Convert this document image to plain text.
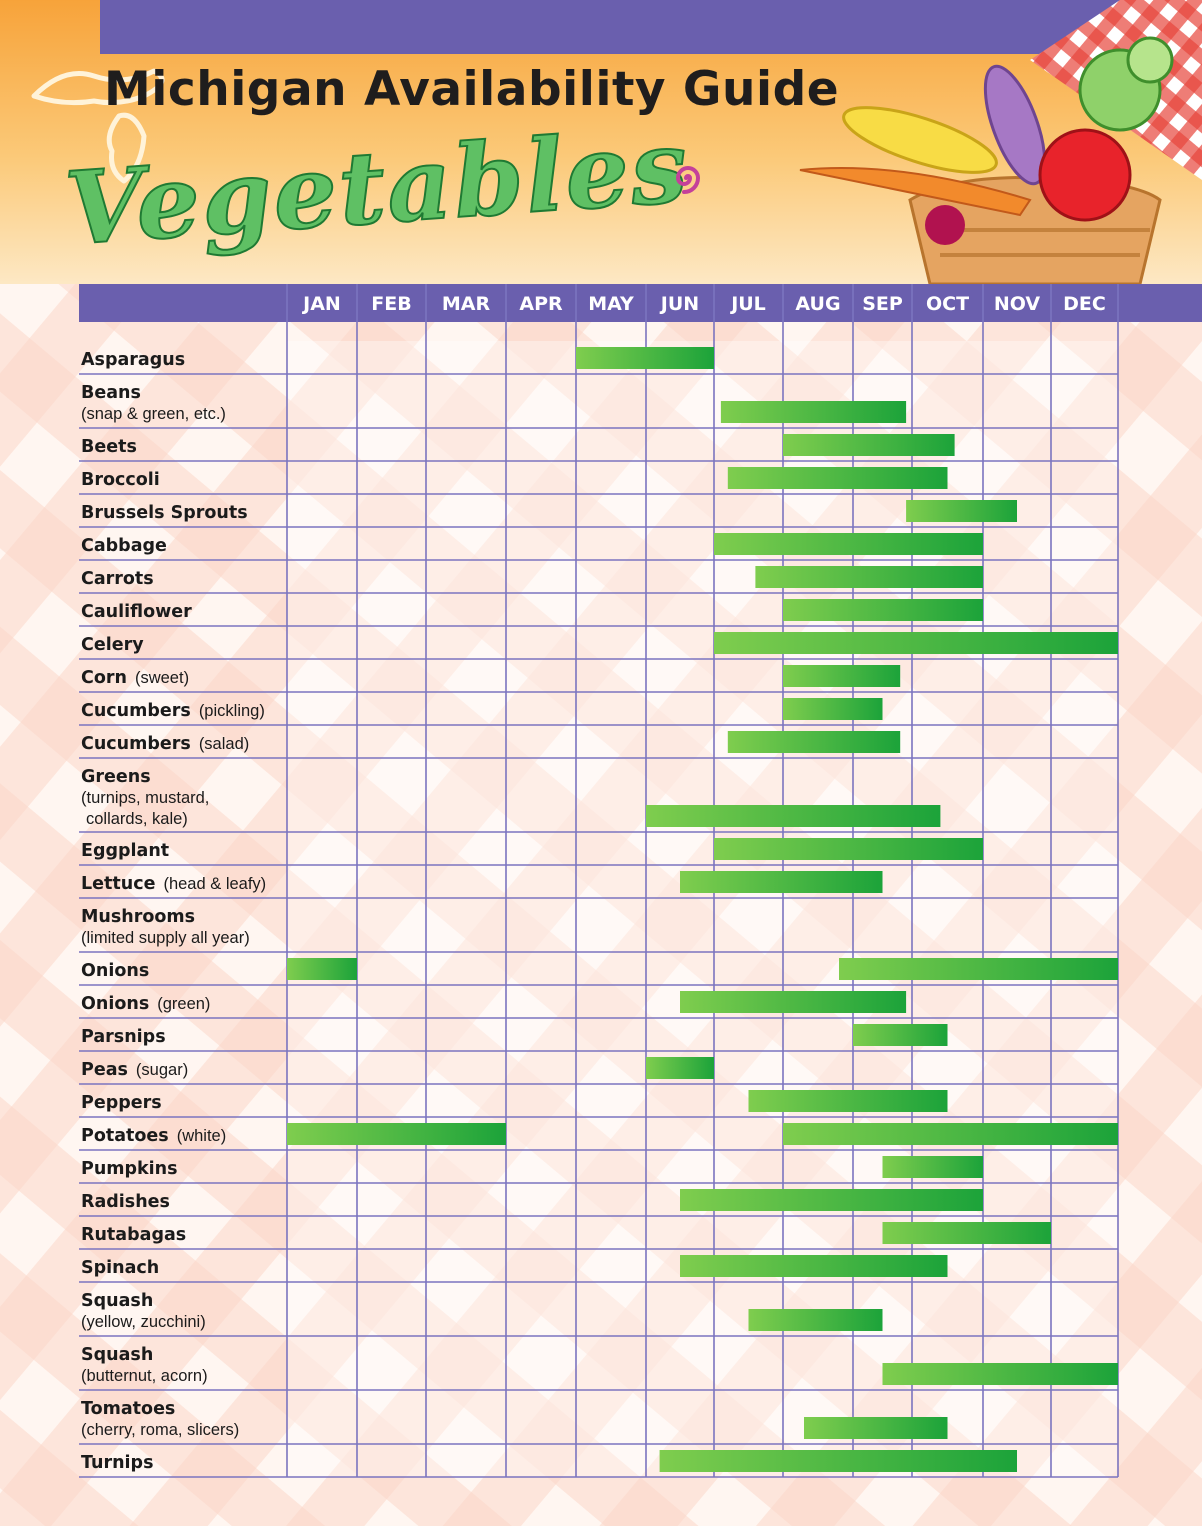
Michigan Availability Guide
Vegetables
JAN FEB MAR APR MAY JUN JUL AUG SEP OCT NOV DEC
Asparagus
Beans (snap & green, etc.)
Beets
Broccoli
Brussels Sprouts
Cabbage
Carrots
Cauliflower
Celery
Corn (sweet)
Cucumbers (pickling)
Cucumbers (salad)
Greens (turnips, mustard, collards, kale)
Eggplant
Lettuce (head & leafy)
Mushrooms (limited supply all year)
Onions
Onions (green)
Parsnips
Peas (sugar)
Peppers
Potatoes (white)
Pumpkins
Radishes
Rutabagas
Spinach
Squash (yellow, zucchini)
Squash (butternut, acorn)
Tomatoes (cherry, roma, slicers)
Turnips
